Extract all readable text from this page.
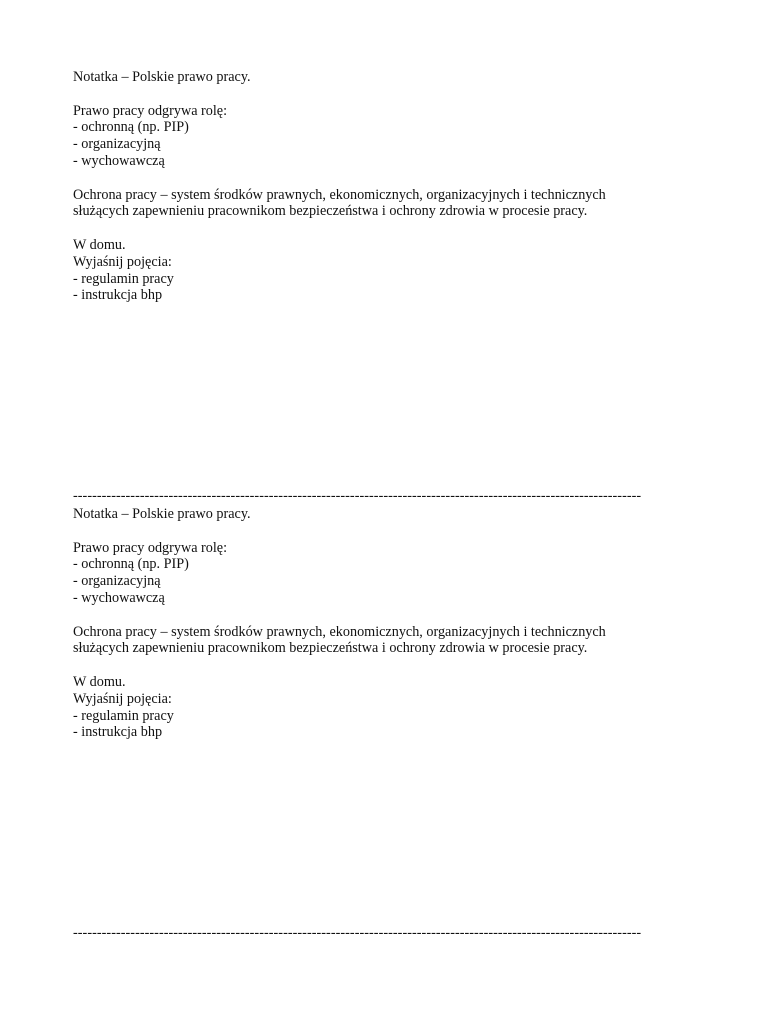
Notatka – Polskie prawo pracy.
Prawo pracy odgrywa rolę:
- ochronną (np. PIP)
- organizacyjną
- wychowawczą
Ochrona pracy – system środków prawnych, ekonomicznych, organizacyjnych i technicznych
służących zapewnieniu pracownikom bezpieczeństwa i ochrony zdrowia w procesie pracy.
W domu.
Wyjaśnij pojęcia:
- regulamin pracy
- instrukcja bhp
-----------------------------------------------------------------------------------------------------------------------
Notatka – Polskie prawo pracy.
Prawo pracy odgrywa rolę:
- ochronną (np. PIP)
- organizacyjną
- wychowawczą
Ochrona pracy – system środków prawnych, ekonomicznych, organizacyjnych i technicznych
służących zapewnieniu pracownikom bezpieczeństwa i ochrony zdrowia w procesie pracy.
W domu.
Wyjaśnij pojęcia:
- regulamin pracy
- instrukcja bhp
-----------------------------------------------------------------------------------------------------------------------
